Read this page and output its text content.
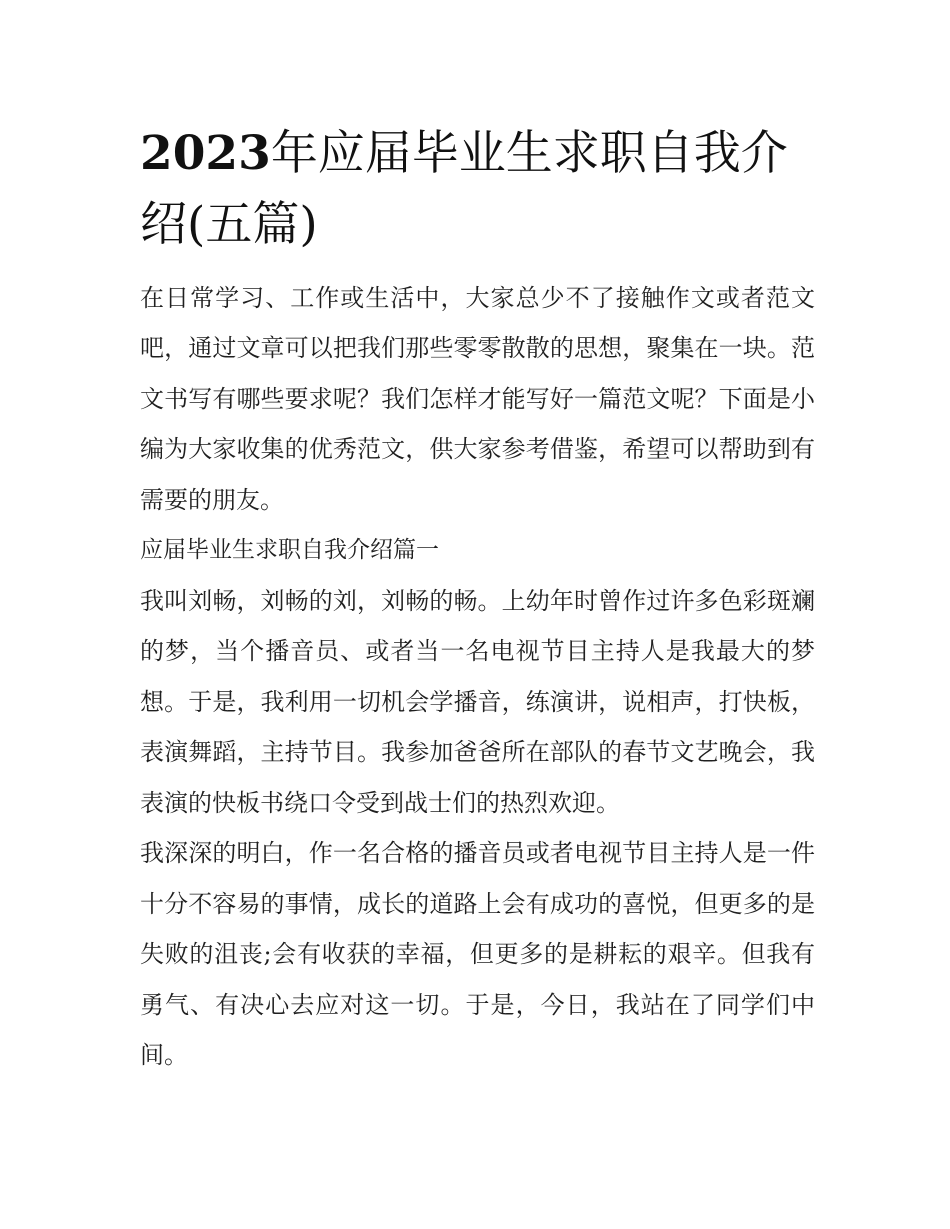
2023年应届毕业生求职自我介绍(五篇)

在日常学习、工作或生活中，大家总少不了接触作文或者范文吧，通过文章可以把我们那些零零散散的思想，聚集在一块。范文书写有哪些要求呢？我们怎样才能写好一篇范文呢？下面是小编为大家收集的优秀范文，供大家参考借鉴，希望可以帮助到有需要的朋友。

应届毕业生求职自我介绍篇一

我叫刘畅，刘畅的刘，刘畅的畅。上幼年时曾作过许多色彩斑斓的梦，当个播音员、或者当一名电视节目主持人是我最大的梦想。于是，我利用一切机会学播音，练演讲，说相声，打快板，表演舞蹈，主持节目。我参加爸爸所在部队的春节文艺晚会，我表演的快板书绕口令受到战士们的热烈欢迎。

我深深的明白，作一名合格的播音员或者电视节目主持人是一件十分不容易的事情，成长的道路上会有成功的喜悦，但更多的是失败的沮丧;会有收获的幸福，但更多的是耕耘的艰辛。但我有勇气、有决心去应对这一切。于是，今日，我站在了同学们中间。
